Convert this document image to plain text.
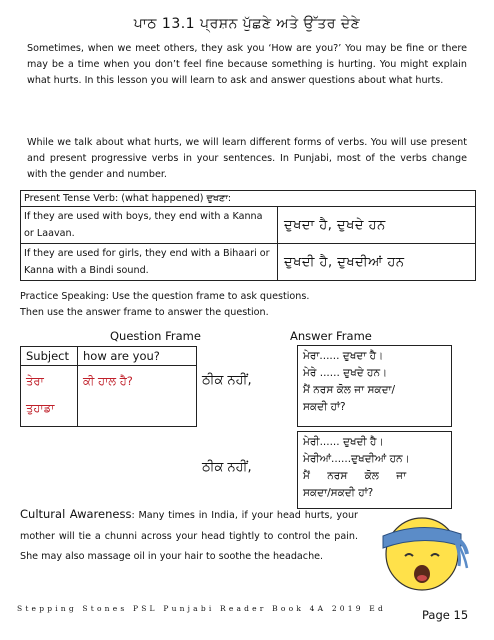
ਪਾਠ 13.1 ਪ੍ਰਸ਼ਨ ਪੁੱਛਣੇ ਅਤੇ ਉੱਤਰ ਦੇਣੇ
Sometimes, when we meet others, they ask you ‘How are you?’ You may be fine or there may be a time when you don’t feel fine because something is hurting. You might explain what hurts. In this lesson you will learn to ask and answer questions about what hurts.
While we talk about what hurts, we will learn different forms of verbs. You will use present and present progressive verbs in your sentences. In Punjabi, most of the verbs change with the gender and number.
Present Tense Verb: (what happened) ਦੁਖਣਾ:	
If they are used with boys, they end with a Kanna or Laavan.	ਦੁਖਦਾ ਹੈ, ਦੁਖਦੇ ਹਨ
If they are used for girls, they end with a Bihaari or Kanna with a Bindi sound.	ਦੁਖਦੀ ਹੈ, ਦੁਖਦੀਆਂ ਹਨ
Practice Speaking: Use the question frame to ask questions.
Then use the answer frame to answer the question.
Question Frame	Answer Frame
Subject	how are you?

ਤੇਰਾ
ਤੁਹਾਡਾ	ਕੀ ਹਾਲ ਹੈ?	ਠੀਕ ਨਹੀਂ,
ਮੇਰਾ...... ਦੁਖਦਾ ਹੈ।
ਮੇਰੇ ...... ਦੁਖਦੇ ਹਨ।
ਮੈਂ ਨਰਸ ਕੋਲ ਜਾ ਸਕਦਾ/
ਸਕਦੀ ਹਾਂ?
ਠੀਕ ਨਹੀਂ,
ਮੇਰੀ...... ਦੁਖਦੀ ਹੈ।
ਮੇਰੀਆਂ......ਦੁਖਦੀਆਂ ਹਨ।
ਮੈਂ ਨਰਸ ਕੋਲ ਜਾ
ਸਕਦਾ/ਸਕਦੀ ਹਾਂ?
Cultural Awareness: Many times in India, if your head hurts, your mother will tie a chunni across your head tightly to control the pain. She may also massage oil in your hair to soothe the headache.
Stepping Stones PSL Punjabi Reader Book 4A 2019 Ed	Page 15
